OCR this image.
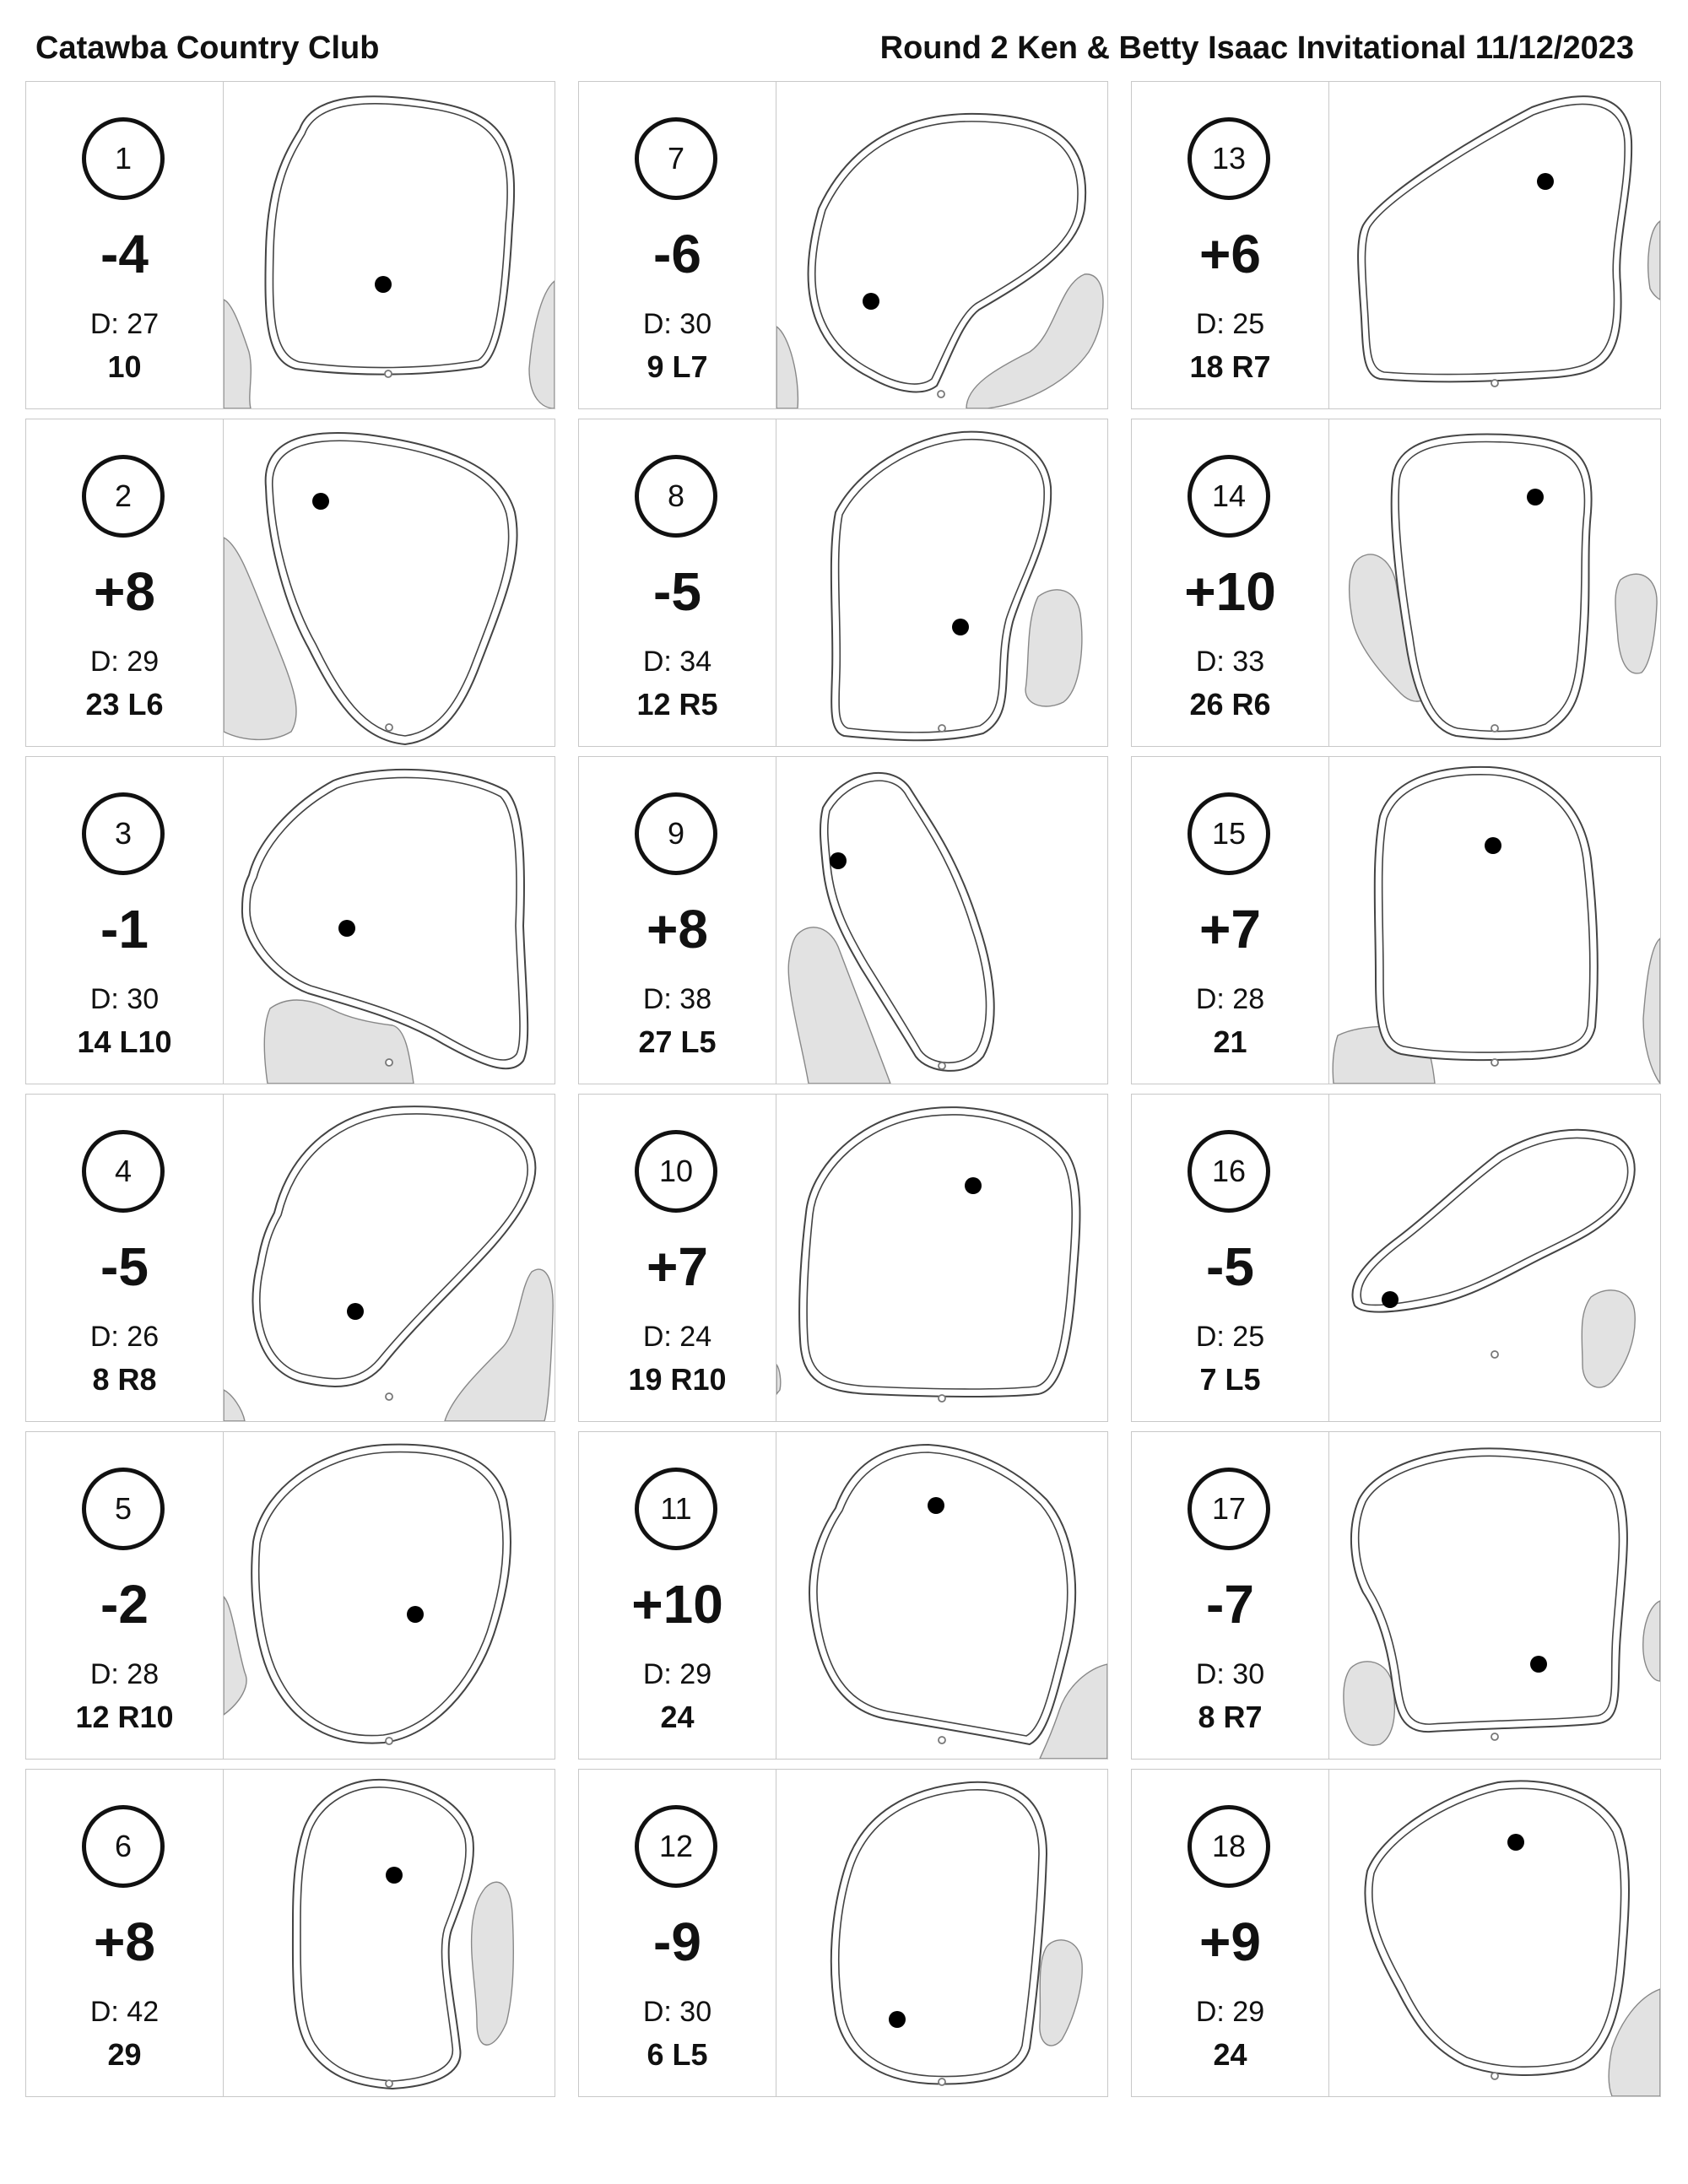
Catawba Country Club	Round 2 Ken & Betty Isaac Invitational 11/12/2023
1
-4
D: 27
10
7
-6
D: 30
9 L7
13
+6
D: 25
18 R7
2
+8
D: 29
23 L6
8
-5
D: 34
12 R5
14
+10
D: 33
26 R6
3
-1
D: 30
14 L10
9
+8
D: 38
27 L5
15
+7
D: 28
21
4
-5
D: 26
8 R8
10
+7
D: 24
19 R10
16
-5
D: 25
7 L5
5
-2
D: 28
12 R10
11
+10
D: 29
24
17
-7
D: 30
8 R7
6
+8
D: 42
29
12
-9
D: 30
6 L5
18
+9
D: 29
24
